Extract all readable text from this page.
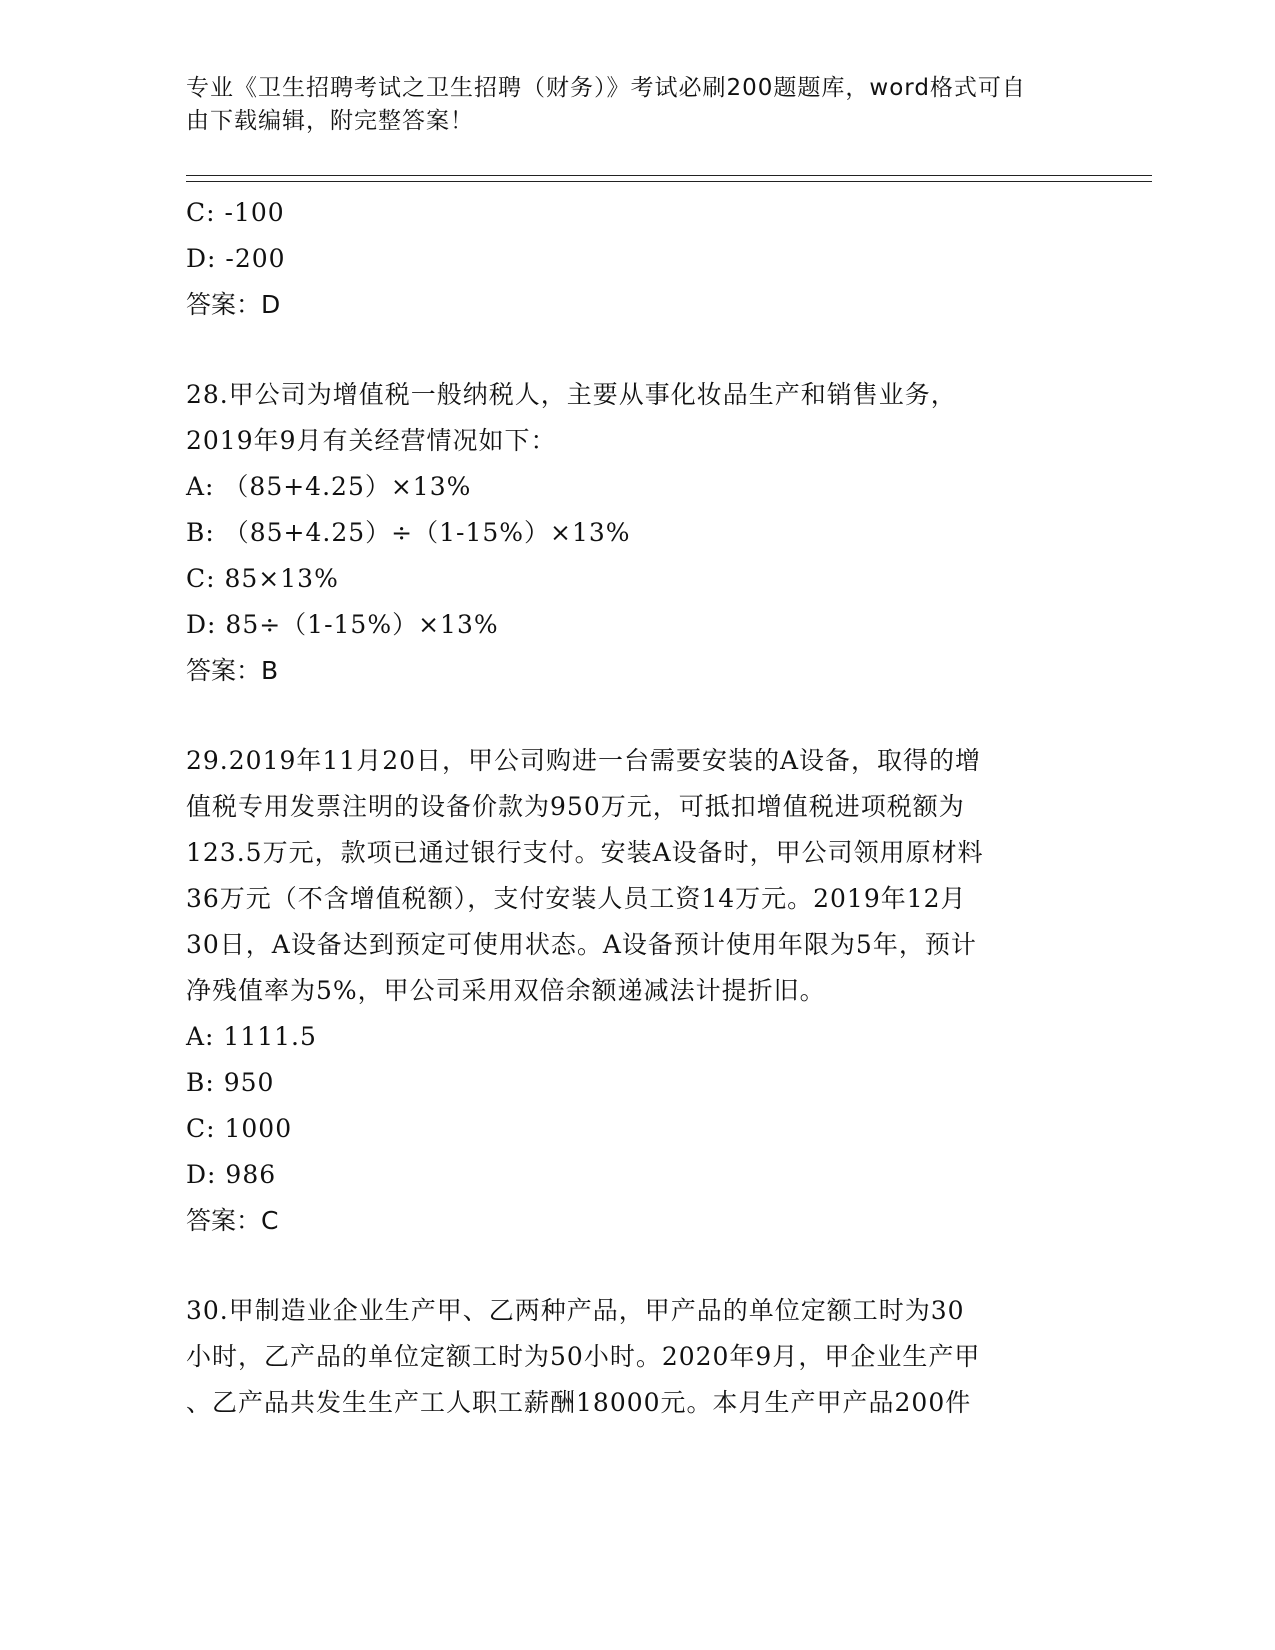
专业《卫生招聘考试之卫生招聘（财务）》考试必刷200题题库，word格式可自
由下载编辑，附完整答案！
C: -100
D: -200
答案：D
28.甲公司为增值税一般纳税人，主要从事化妆品生产和销售业务，
2019年9月有关经营情况如下：
A: （85+4.25）×13%
B: （85+4.25）÷（1-15%）×13%
C: 85×13%
D: 85÷（1-15%）×13%
答案：B
29.2019年11月20日，甲公司购进一台需要安装的A设备，取得的增
值税专用发票注明的设备价款为950万元，可抵扣增值税进项税额为
123.5万元，款项已通过银行支付。安装A设备时，甲公司领用原材料
36万元（不含增值税额），支付安装人员工资14万元。2019年12月
30日，A设备达到预定可使用状态。A设备预计使用年限为5年，预计
净残值率为5%，甲公司采用双倍余额递减法计提折旧。
A: 1111.5
B: 950
C: 1000
D: 986
答案：C
30.甲制造业企业生产甲、乙两种产品，甲产品的单位定额工时为30
小时，乙产品的单位定额工时为50小时。2020年9月，甲企业生产甲
、乙产品共发生生产工人职工薪酬18000元。本月生产甲产品200件
